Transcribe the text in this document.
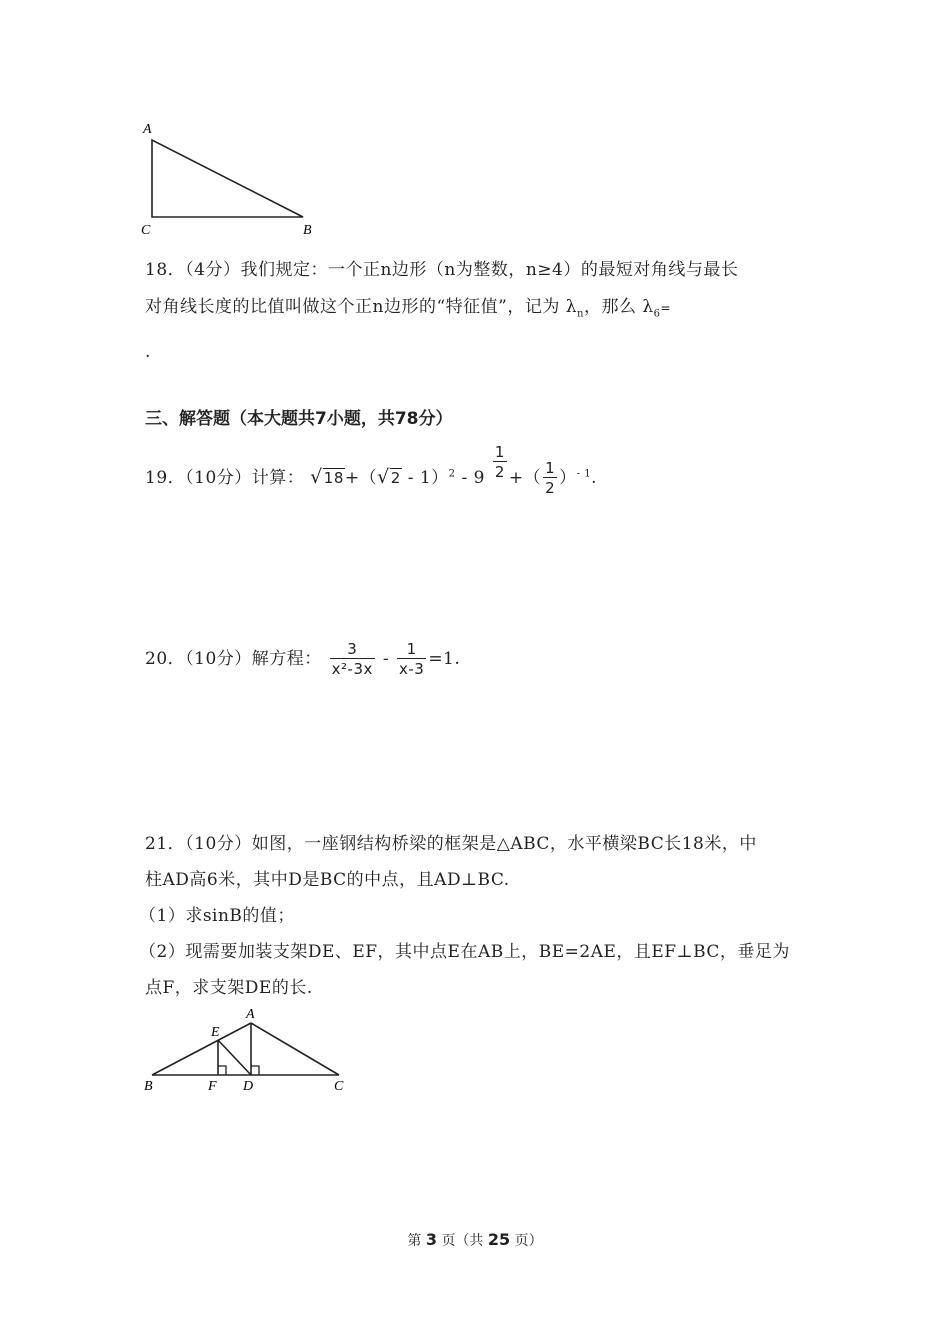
A
C	B
18．（4分）我们规定：一个正n边形（n为整数，n≥4）的最短对角线与最长
对角线长度的比值叫做这个正n边形的“特征值”，记为 $\lambda_n$，那么 $\lambda_6=$
.
三、解答题（本大题共7小题，共78分）
19．（10分）计算： $√18+(√2 - 1)^2 - 9 \frac{1}{2}$ +（ $\frac{1}{2} )^{- 1}$.
20．（10分）解方程： $\frac{3}{\text{x²-3x}} - \frac{1}{x-3} =1$.
21．（10分）如图，一座钢结构桥梁的框架是△ABC，水平横梁BC长18米，中
柱AD高6米，其中D是BC的中点，且AD⊥BC.
（1）求sinB的值；
（2）现需要加装支架DE、EF，其中点E在AB上，BE=2AE，且EF⊥BC，垂足为
点F，求支架DE的长.
A
E
B	F D	C
第 3 页（共 25 页）
